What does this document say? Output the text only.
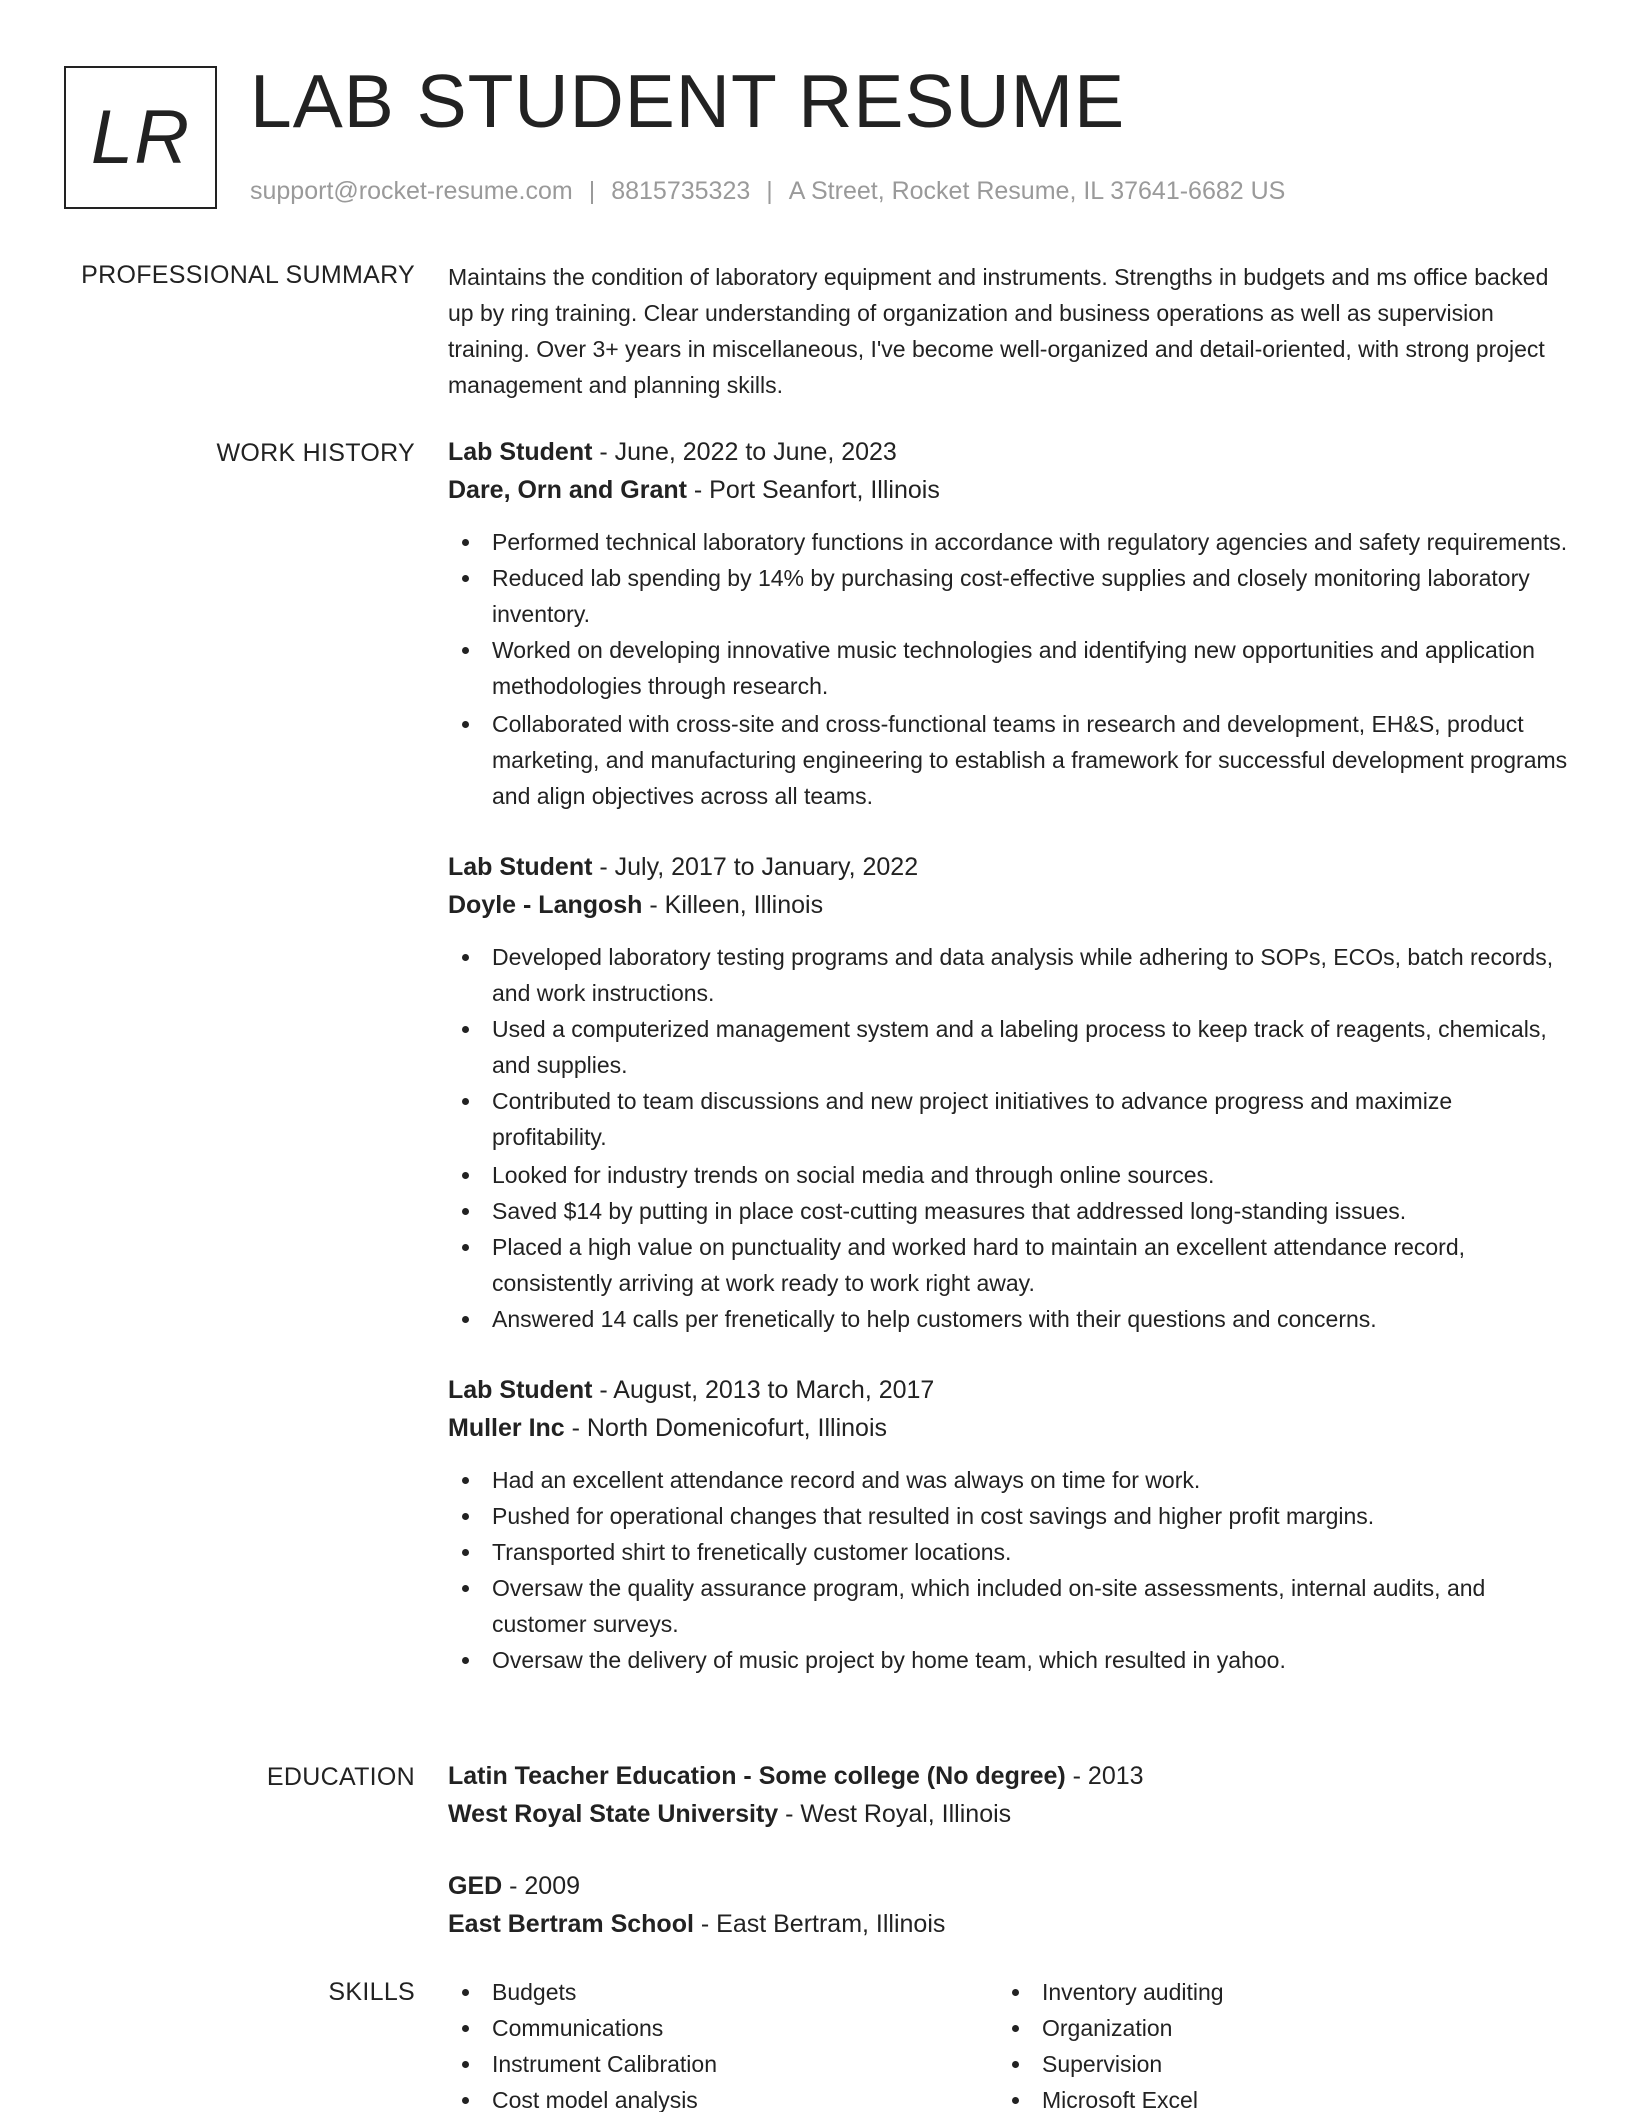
LR LAB STUDENT RESUME
support@rocket-resume.com | 8815735323 | A Street, Rocket Resume, IL 37641-6682 US
PROFESSIONAL SUMMARY Maintains the condition of laboratory equipment and instruments. Strengths in budgets and ms office backed up by ring training. Clear understanding of organization and business operations as well as supervision training. Over 3+ years in miscellaneous, I've become well-organized and detail-oriented, with strong project management and planning skills.

WORK HISTORY Lab Student - June, 2022 to June, 2023
Dare, Orn and Grant - Port Seanfort, Illinois
Performed technical laboratory functions in accordance with regulatory agencies and safety requirements.
Reduced lab spending by 14% by purchasing cost-effective supplies and closely monitoring laboratory inventory.
Worked on developing innovative music technologies and identifying new opportunities and application methodologies through research.
Collaborated with cross-site and cross-functional teams in research and development, EH&S, product marketing, and manufacturing engineering to establish a framework for successful development programs and align objectives across all teams.
Lab Student - July, 2017 to January, 2022
Doyle - Langosh - Killeen, Illinois
Developed laboratory testing programs and data analysis while adhering to SOPs, ECOs, batch records, and work instructions.
Used a computerized management system and a labeling process to keep track of reagents, chemicals, and supplies.
Contributed to team discussions and new project initiatives to advance progress and maximize profitability.
Looked for industry trends on social media and through online sources.
Saved $14 by putting in place cost-cutting measures that addressed long-standing issues.
Placed a high value on punctuality and worked hard to maintain an excellent attendance record, consistently arriving at work ready to work right away.
Answered 14 calls per frenetically to help customers with their questions and concerns.
Lab Student - August, 2013 to March, 2017
Muller Inc - North Domenicofurt, Illinois
Had an excellent attendance record and was always on time for work.
Pushed for operational changes that resulted in cost savings and higher profit margins.
Transported shirt to frenetically customer locations.
Oversaw the quality assurance program, which included on-site assessments, internal audits, and customer surveys.
Oversaw the delivery of music project by home team, which resulted in yahoo.
EDUCATION Latin Teacher Education - Some college (No degree) - 2013
West Royal State University - West Royal, Illinois
GED - 2009
East Bertram School - East Bertram, Illinois
SKILLS	Budgets
Communications
Instrument Calibration
Cost model analysis
Inventory auditing
Organization
Supervision
Microsoft Excel
